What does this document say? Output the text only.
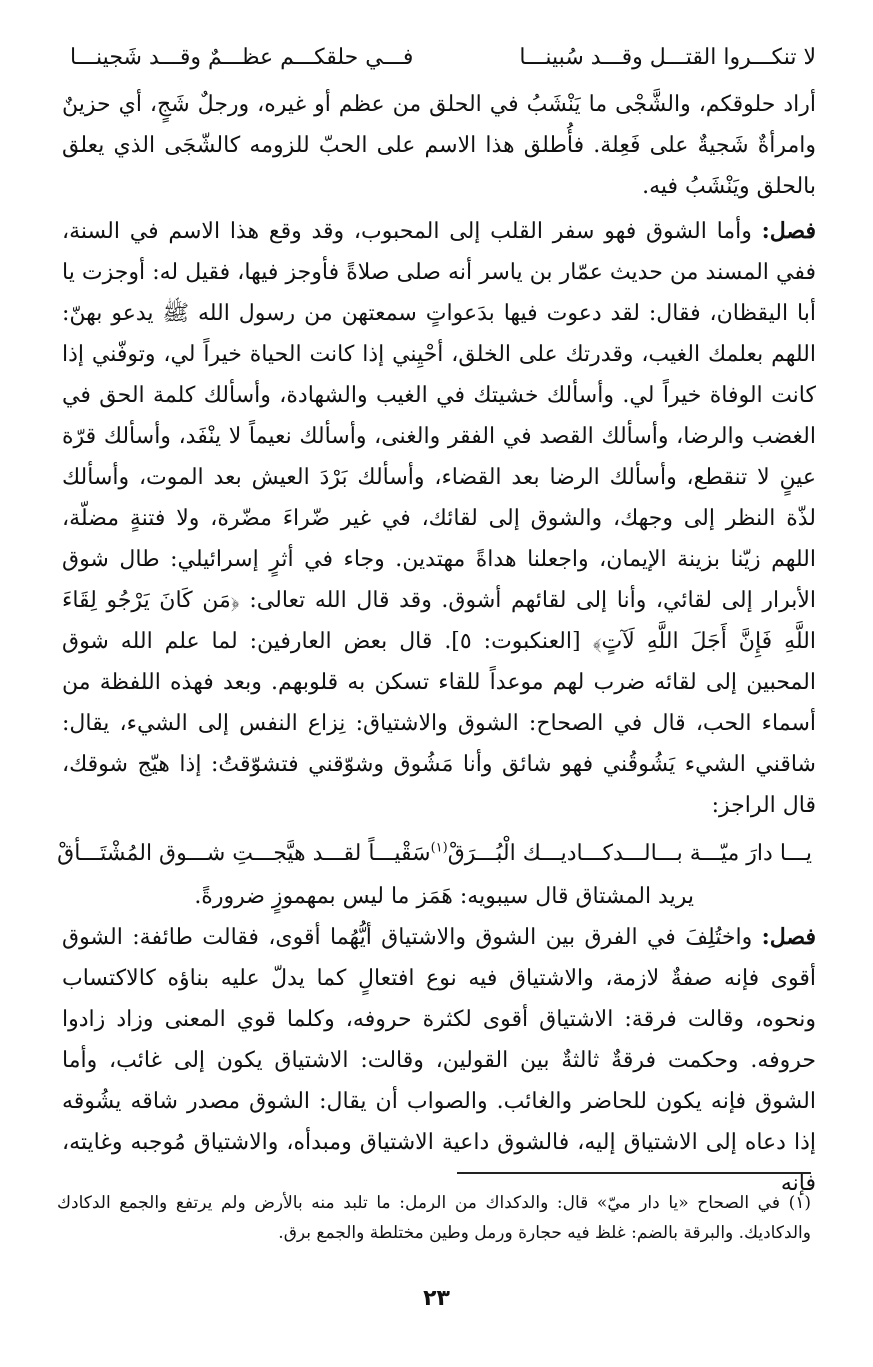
لا تنكـــروا القتـــل وقـــد سُبينـــا
فـــي حلقكـــم عظـــمٌ وقـــد شَجينـــا

أراد حلوقكم، والشَّجْى ما يَنْشَبُ في الحلق من عظم أو غيره، ورجلٌ شَجٍ، أي حزينٌ وامرأةٌ شَجيةٌ على فَعِلة. فأُطلق هذا الاسم على الحبّ للزومه كالشّجَى الذي يعلق بالحلق ويَنْشَبُ فيه.

فصل: وأما الشوق فهو سفر القلب إلى المحبوب، وقد وقع هذا الاسم في السنة، ففي المسند من حديث عمّار بن ياسر أنه صلى صلاةً فأوجز فيها، فقيل له: أوجزت يا أبا اليقظان، فقال: لقد دعوت فيها بدَعواتٍ سمعتهن من رسول الله ﷺ يدعو بهنّ: اللهم بعلمك الغيب، وقدرتك على الخلق، أحْيِني إذا كانت الحياة خيراً لي، وتوفّني إذا كانت الوفاة خيراً لي. وأسألك خشيتك في الغيب والشهادة، وأسألك كلمة الحق في الغضب والرضا، وأسألك القصد في الفقر والغنى، وأسألك نعيماً لا ينْفَد، وأسألك قرّة عينٍ لا تنقطع، وأسألك الرضا بعد القضاء، وأسألك بَرْدَ العيش بعد الموت، وأسألك لذّة النظر إلى وجهك، والشوق إلى لقائك، في غير ضّراءَ مضّرة، ولا فتنةٍ مضلّة، اللهم زيّنا بزينة الإيمان، واجعلنا هداةً مهتدين. وجاء في أثرٍ إسرائيلي: طال شوق الأبرار إلى لقائي، وأنا إلى لقائهم أشوق. وقد قال الله تعالى: ﴿مَن كَانَ يَرْجُو لِقَاءَ اللَّهِ فَإِنَّ أَجَلَ اللَّهِ لَآتٍ﴾ [العنكبوت: ٥]. قال بعض العارفين: لما علم الله شوق المحبين إلى لقائه ضرب لهم موعداً للقاء تسكن به قلوبهم. وبعد فهذه اللفظة من أسماء الحب، قال في الصحاح: الشوق والاشتياق: نِزاع النفس إلى الشيء، يقال: شاقني الشيء يَشُوقُني فهو شائق وأنا مَشُوق وشوّقني فتشوّقتُ: إذا هيّج شوقك، قال الراجز:

يـــا دارَ ميّـــة بـــالـــدكـــاديـــك الْبُـــرَقْ$^{(١)}$
سَقْيـــاً لقـــد هيَّجـــتِ شـــوق المُشْتَـــأقْ

يريد المشتاق قال سيبويه: هَمَز ما ليس بمهموزٍ ضرورةً.

فصل: واختُلِفَ في الفرق بين الشوق والاشتياق أيُّهُما أقوى، فقالت طائفة: الشوق أقوى فإنه صفةٌ لازمة، والاشتياق فيه نوع افتعالٍ كما يدلّ عليه بناؤه كالاكتساب ونحوه، وقالت فرقة: الاشتياق أقوى لكثرة حروفه، وكلما قوي المعنى وزاد زادوا حروفه. وحكمت فرقةٌ ثالثةٌ بين القولين، وقالت: الاشتياق يكون إلى غائب، وأما الشوق فإنه يكون للحاضر والغائب. والصواب أن يقال: الشوق مصدر شاقه يشُوقه إذا دعاه إلى الاشتياق إليه، فالشوق داعية الاشتياق ومبدأه، والاشتياق مُوجبه وغايته، فإنه

(١) في الصحاح «يا دار ميّ» قال: والدكداك من الرمل: ما تلبد منه بالأرض ولم يرتفع والجمع الدكادك والدكاديك. والبرقة بالضم: غلظ فيه حجارة ورمل وطين مختلطة والجمع برق.

٢٣
